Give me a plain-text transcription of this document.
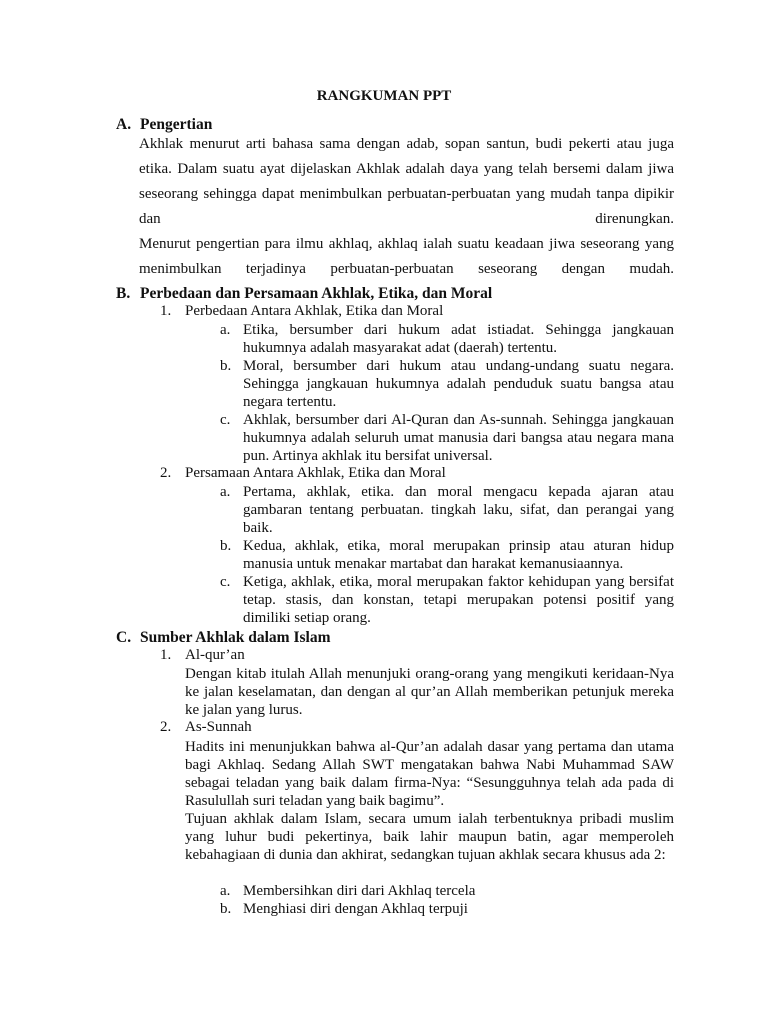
RANGKUMAN PPT
A. Pengertian

Akhlak menurut arti bahasa sama dengan adab, sopan santun, budi pekerti atau juga etika. Dalam suatu ayat dijelaskan Akhlak adalah daya yang telah bersemi dalam jiwa seseorang sehingga dapat menimbulkan perbuatan-perbuatan yang mudah tanpa dipikir dan direnungkan.

Menurut pengertian para ilmu akhlaq, akhlaq ialah suatu keadaan jiwa seseorang yang menimbulkan terjadinya perbuatan-perbuatan seseorang dengan mudah.

B. Perbedaan dan Persamaan Akhlak, Etika, dan Moral
1. Perbedaan Antara Akhlak, Etika dan Moral
a. Etika, bersumber dari hukum adat istiadat. Sehingga jangkauan hukumnya adalah masyarakat adat (daerah) tertentu.
b. Moral, bersumber dari hukum atau undang-undang suatu negara. Sehingga jangkauan hukumnya adalah penduduk suatu bangsa atau negara tertentu.
c. Akhlak, bersumber dari Al-Quran dan As-sunnah. Sehingga jangkauan hukumnya adalah seluruh umat manusia dari bangsa atau negara mana pun. Artinya akhlak itu bersifat universal.
2. Persamaan Antara Akhlak, Etika dan Moral
a. Pertama, akhlak, etika. dan moral mengacu kepada ajaran atau gambaran tentang perbuatan. tingkah laku, sifat, dan perangai yang baik.
b. Kedua, akhlak, etika, moral merupakan prinsip atau aturan hidup manusia untuk menakar martabat dan harakat kemanusiaannya.
c. Ketiga, akhlak, etika, moral merupakan faktor kehidupan yang bersifat tetap. stasis, dan konstan, tetapi merupakan potensi positif yang dimiliki setiap orang.
C. Sumber Akhlak dalam Islam
1. Al-qur’an

Dengan kitab itulah Allah menunjuki orang-orang yang mengikuti keridaan-Nya ke jalan keselamatan, dan dengan al qur’an Allah memberikan petunjuk mereka ke jalan yang lurus.

2. As-Sunnah

Hadits ini menunjukkan bahwa al-Qur’an adalah dasar yang pertama dan utama bagi Akhlaq. Sedang Allah SWT mengatakan bahwa Nabi Muhammad SAW sebagai teladan yang baik dalam firma-Nya: “Sesungguhnya telah ada pada di Rasulullah suri teladan yang baik bagimu”.

Tujuan akhlak dalam Islam, secara umum ialah terbentuknya pribadi muslim yang luhur budi pekertinya, baik lahir maupun batin, agar memperoleh kebahagiaan di dunia dan akhirat, sedangkan tujuan akhlak secara khusus ada 2:

a. Membersihkan diri dari Akhlaq tercela
b. Menghiasi diri dengan Akhlaq terpuji
